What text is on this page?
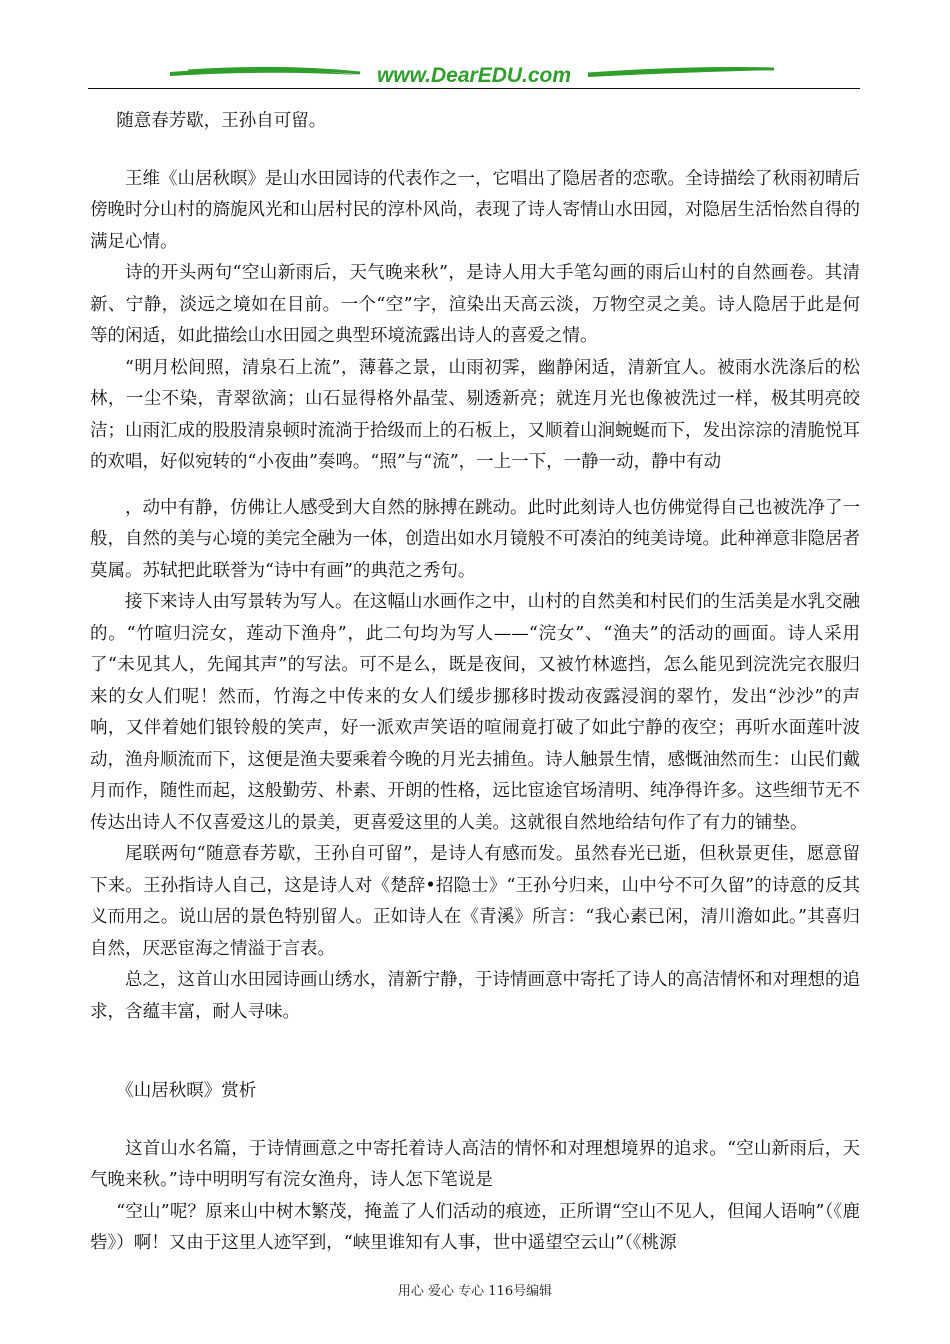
www.DearEDU.com

随意春芳歇，王孙自可留。

王维《山居秋暝》是山水田园诗的代表作之一，它唱出了隐居者的恋歌。全诗描绘了秋雨初晴后傍晚时分山村的旖旎风光和山居村民的淳朴风尚，表现了诗人寄情山水田园，对隐居生活怡然自得的满足心情。

诗的开头两句“空山新雨后，天气晚来秋”，是诗人用大手笔勾画的雨后山村的自然画卷。其清新、宁静，淡远之境如在目前。一个“空”字，渲染出天高云淡，万物空灵之美。诗人隐居于此是何等的闲适，如此描绘山水田园之典型环境流露出诗人的喜爱之情。

“明月松间照，清泉石上流”，薄暮之景，山雨初霁，幽静闲适，清新宜人。被雨水洗涤后的松林，一尘不染，青翠欲滴；山石显得格外晶莹、剔透新亮；就连月光也像被洗过一样，极其明亮皎洁；山雨汇成的股股清泉顿时流淌于拾级而上的石板上，又顺着山涧蜿蜒而下，发出淙淙的清脆悦耳的欢唱，好似宛转的“小夜曲”奏鸣。“照”与“流”，一上一下，一静一动，静中有动

，动中有静，仿佛让人感受到大自然的脉搏在跳动。此时此刻诗人也仿佛觉得自己也被洗净了一般，自然的美与心境的美完全融为一体，创造出如水月镜般不可凑泊的纯美诗境。此种禅意非隐居者莫属。苏轼把此联誉为“诗中有画”的典范之秀句。

接下来诗人由写景转为写人。在这幅山水画作之中，山村的自然美和村民们的生活美是水乳交融的。“竹喧归浣女，莲动下渔舟”，此二句均为写人——“浣女”、“渔夫”的活动的画面。诗人采用了“未见其人，先闻其声”的写法。可不是么，既是夜间，又被竹林遮挡，怎么能见到浣洗完衣服归来的女人们呢！然而，竹海之中传来的女人们缓步挪移时拨动夜露浸润的翠竹，发出“沙沙”的声响，又伴着她们银铃般的笑声，好一派欢声笑语的喧闹竟打破了如此宁静的夜空；再听水面莲叶波动，渔舟顺流而下，这便是渔夫要乘着今晚的月光去捕鱼。诗人触景生情，感慨油然而生：山民们戴月而作，随性而起，这般勤劳、朴素、开朗的性格，远比宦途官场清明、纯净得许多。这些细节无不传达出诗人不仅喜爱这儿的景美，更喜爱这里的人美。这就很自然地给结句作了有力的铺垫。

尾联两句“随意春芳歇，王孙自可留”，是诗人有感而发。虽然春光已逝，但秋景更佳，愿意留下来。王孙指诗人自己，这是诗人对《楚辞•招隐士》“王孙兮归来，山中兮不可久留”的诗意的反其义而用之。说山居的景色特别留人。正如诗人在《青溪》所言：“我心素已闲，清川澹如此。”其喜归自然，厌恶宦海之情溢于言表。

总之，这首山水田园诗画山绣水，清新宁静，于诗情画意中寄托了诗人的高洁情怀和对理想的追求，含蕴丰富，耐人寻味。

《山居秋暝》赏析

这首山水名篇，于诗情画意之中寄托着诗人高洁的情怀和对理想境界的追求。“空山新雨后，天气晚来秋。”诗中明明写有浣女渔舟，诗人怎下笔说是

“空山”呢？原来山中树木繁茂，掩盖了人们活动的痕迹，正所谓“空山不见人，但闻人语响”（《鹿砦》）啊！又由于这里人迹罕到，“峡里谁知有人事，世中遥望空云山”（《桃源

用心 爱心 专心 116号编辑
